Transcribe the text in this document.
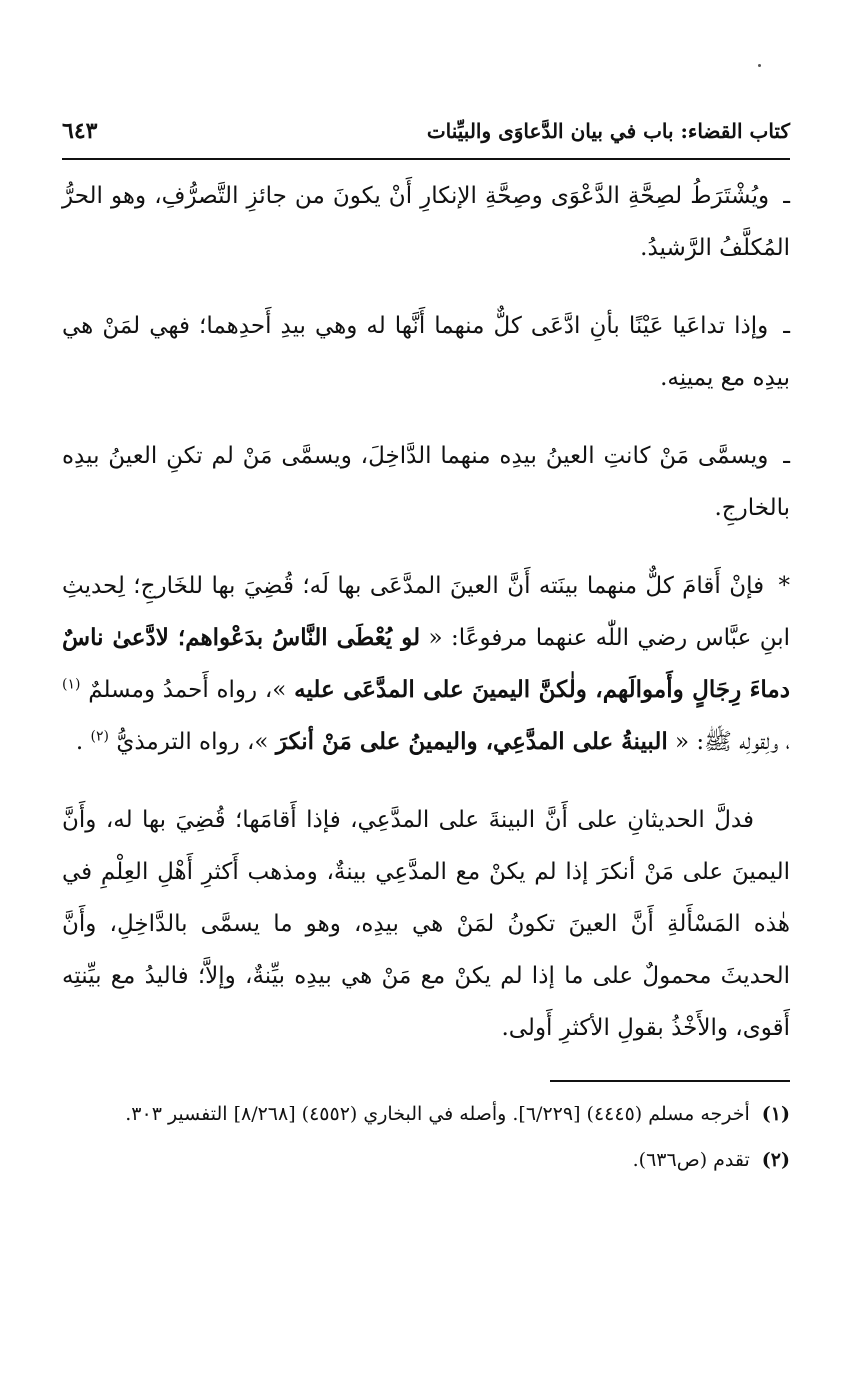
كتاب القضاء: باب في بيان الدَّعاوَى والبيِّنات
٦٤٣

ـ ويُشْتَرَطُ لصِحَّةِ الدَّعْوَى وصِحَّةِ الإنكارِ أَنْ يكونَ من جائزِ التَّصرُّفِ، وهو الحرُّ المُكلَّفُ الرَّشيدُ.

ـ وإذا تداعَيا عَيْنًا بأنِ ادَّعَى كلٌّ منهما أَنَّها له وهي بيدِ أَحدِهما؛ فهي لمَنْ هي بيدِه مع يمينِه.

ـ ويسمَّى مَنْ كانتِ العينُ بيدِه منهما الدَّاخِلَ، ويسمَّى مَنْ لم تكنِ العينُ بيدِه بالخارجِ.

* فإنْ أَقامَ كلٌّ منهما بينَته أَنَّ العينَ المدَّعَى بها لَه؛ قُضِيَ بها للخَارجِ؛ لِحديثِ ابنِ عبَّاس رضي اللّٰه عنهما مرفوعًا: « لو يُعْطَى النَّاسُ بدَعْواهم؛ لادَّعىٰ ناسٌ دماءَ رِجَالٍ وأَموالَهم، ولٰكنَّ اليمينَ على المدَّعَى عليه »، رواه أَحمدُ ومسلمٌ $^{(١)}$ ، ولِقولِه ﷺ: « البينةُ على المدَّعِي، واليمينُ على مَنْ أنكرَ »، رواه الترمذيُّ $^{(٢)}$ .

فدلَّ الحديثانِ على أَنَّ البينةَ على المدَّعِي، فإذا أَقامَها؛ قُضِيَ بها له، وأَنَّ اليمينَ على مَنْ أنكرَ إذا لم يكنْ مع المدَّعِي بينةٌ، ومذهب أَكثرِ أَهْلِ العِلْمِ في هٰذه المَسْأَلةِ أَنَّ العينَ تكونُ لمَنْ هي بيدِه، وهو ما يسمَّى بالدَّاخِلِ، وأَنَّ الحديثَ محمولٌ على ما إذا لم يكنْ مع مَنْ هي بيدِه بيِّنةٌ، وإلاَّ؛ فاليدُ مع بيِّنتِه أَقوى، والأَخْذُ بقولِ الأكثرِ أَولى.

(١)
أخرجه مسلم (٤٤٤٥) [٦/٢٢٩]. وأصله في البخاري (٤٥٥٢) [٨/٢٦٨] التفسير ٣٠٣.
(٢)
تقدم (ص٦٣٦).
